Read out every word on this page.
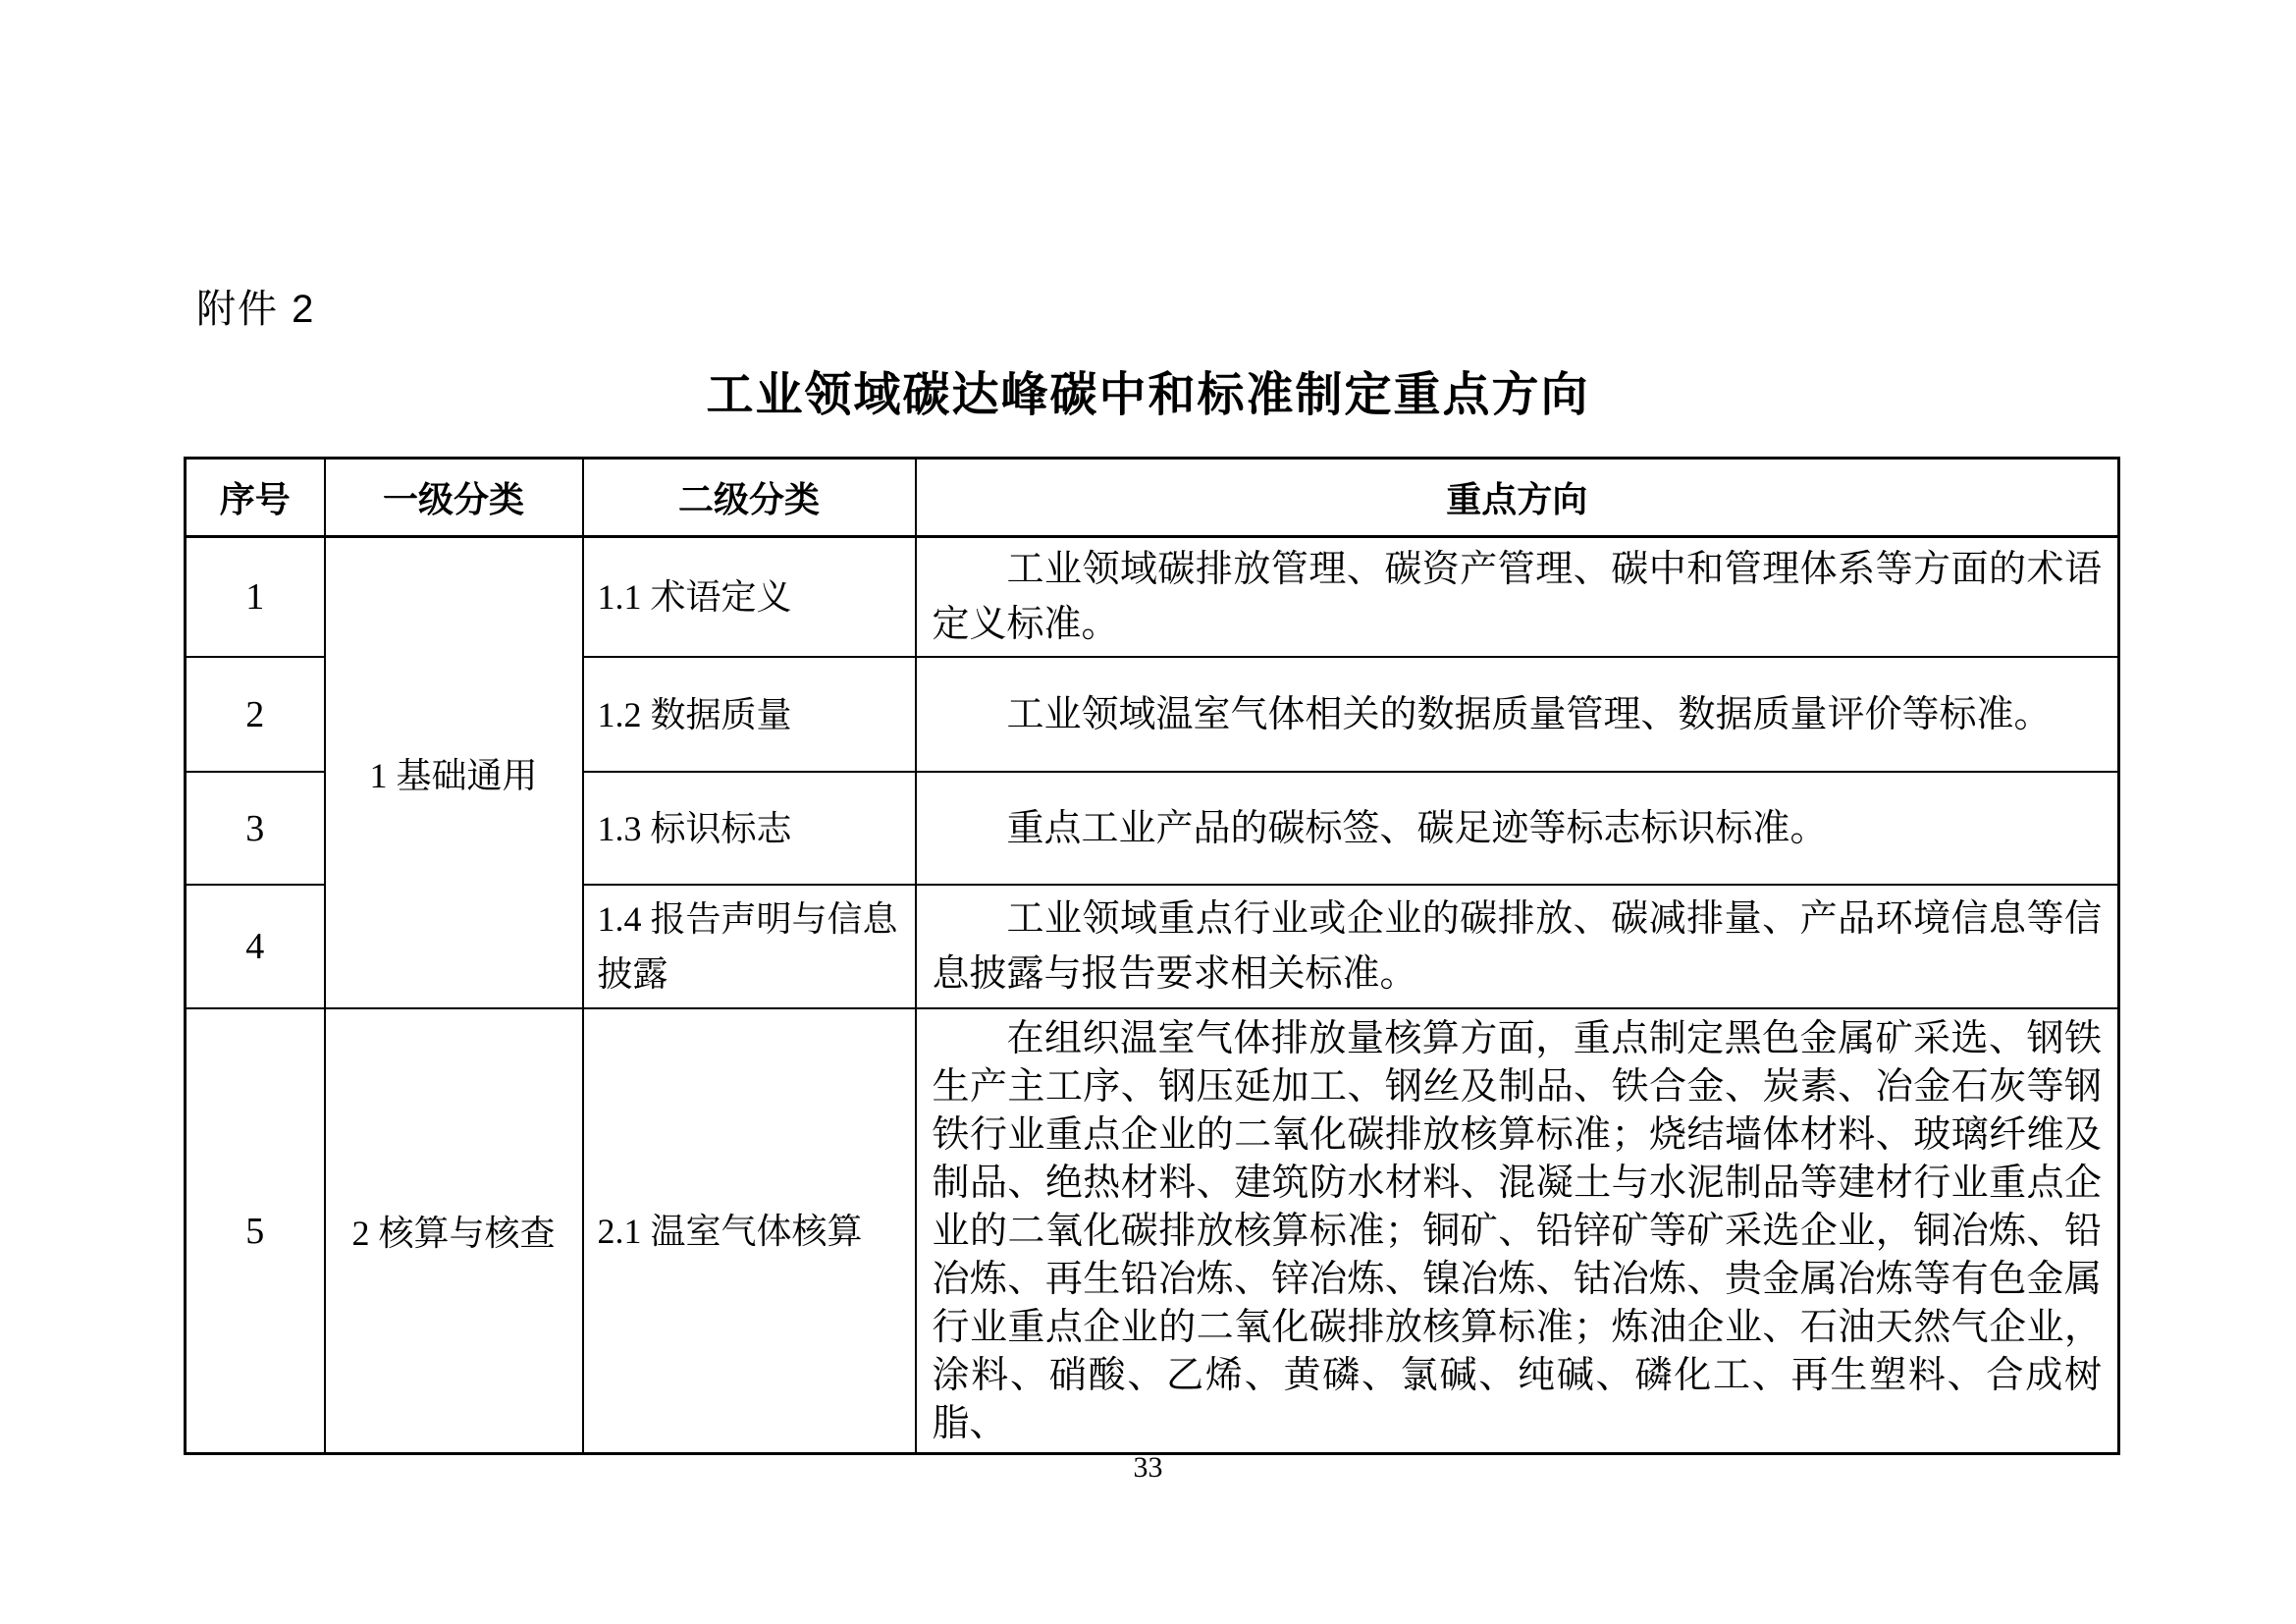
附件 2
工业领域碳达峰碳中和标准制定重点方向
序号	一级分类	二级分类	重点方向
1	1 基础通用	1.1 术语定义	工业领域碳排放管理、碳资产管理、碳中和管理体系等方面的术语定义标准。

2		1.2 数据质量	工业领域温室气体相关的数据质量管理、数据质量评价等标准。

3		1.3 标识标志	重点工业产品的碳标签、碳足迹等标志标识标准。

4		1.4 报告声明与信息披露	工业领域重点行业或企业的碳排放、碳减排量、产品环境信息等信息披露与报告要求相关标准。

5	2 核算与核查	2.1 温室气体核算	在组织温室气体排放量核算方面，重点制定黑色金属矿采选、钢铁生产主工序、钢压延加工、钢丝及制品、铁合金、炭素、冶金石灰等钢铁行业重点企业的二氧化碳排放核算标准；烧结墙体材料、玻璃纤维及制品、绝热材料、建筑防水材料、混凝土与水泥制品等建材行业重点企业的二氧化碳排放核算标准；铜矿、铅锌矿等矿采选企业，铜冶炼、铅冶炼、再生铅冶炼、锌冶炼、镍冶炼、钴冶炼、贵金属冶炼等有色金属行业重点企业的二氧化碳排放核算标准；炼油企业、石油天然气企业，涂料、硝酸、乙烯、黄磷、氯碱、纯碱、磷化工、再生塑料、合成树脂、
33
